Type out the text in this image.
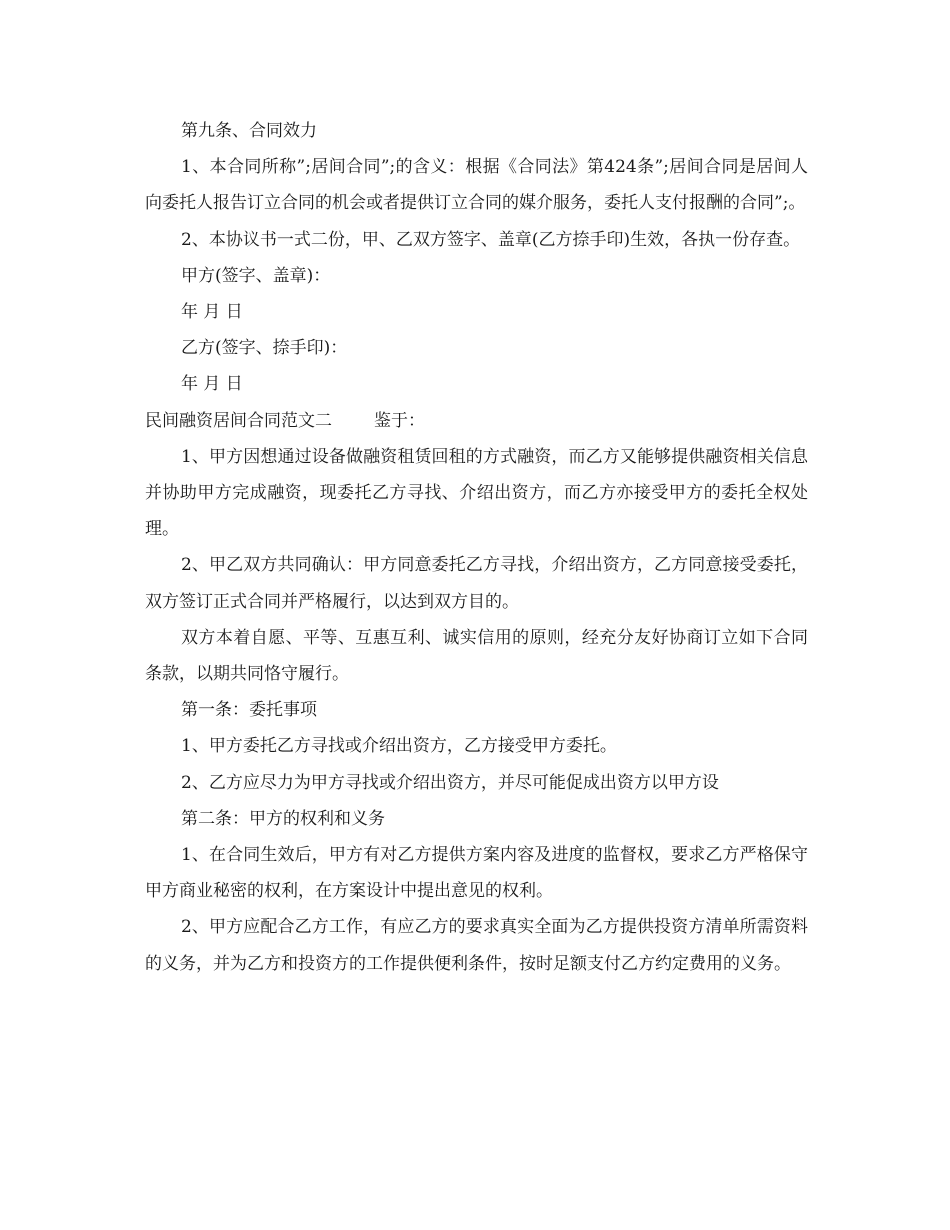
第九条、合同效力

1、本合同所称”;居间合同”;的含义：根据《合同法》第424条”;居间合同是居间人向委托人报告订立合同的机会或者提供订立合同的媒介服务，委托人支付报酬的合同”;。

2、本协议书一式二份，甲、乙双方签字、盖章(乙方捺手印)生效，各执一份存查。

甲方(签字、盖章)：

年 月 日

乙方(签字、捺手印)：

年 月 日

民间融资居间合同范文二 鉴于：

1、甲方因想通过设备做融资租赁回租的方式融资，而乙方又能够提供融资相关信息并协助甲方完成融资，现委托乙方寻找、介绍出资方，而乙方亦接受甲方的委托全权处理。

2、甲乙双方共同确认：甲方同意委托乙方寻找，介绍出资方，乙方同意接受委托，双方签订正式合同并严格履行，以达到双方目的。

双方本着自愿、平等、互惠互利、诚实信用的原则，经充分友好协商订立如下合同条款，以期共同恪守履行。

第一条：委托事项

1、甲方委托乙方寻找或介绍出资方，乙方接受甲方委托。

2、乙方应尽力为甲方寻找或介绍出资方，并尽可能促成出资方以甲方设

第二条：甲方的权利和义务

1、在合同生效后，甲方有对乙方提供方案内容及进度的监督权，要求乙方严格保守甲方商业秘密的权利，在方案设计中提出意见的权利。

2、甲方应配合乙方工作，有应乙方的要求真实全面为乙方提供投资方清单所需资料的义务，并为乙方和投资方的工作提供便利条件，按时足额支付乙方约定费用的义务。
